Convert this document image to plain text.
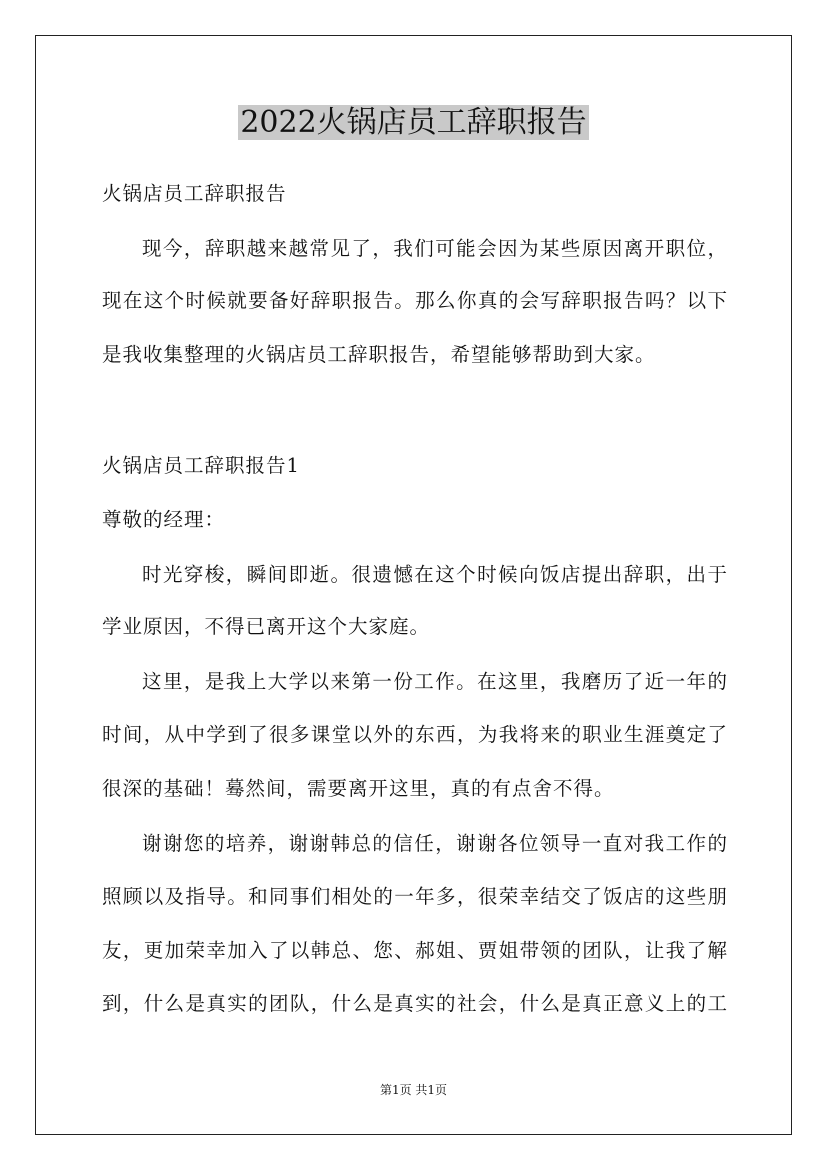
2022火锅店员工辞职报告
火锅店员工辞职报告
现今，辞职越来越常见了，我们可能会因为某些原因离开职位，
现在这个时候就要备好辞职报告。那么你真的会写辞职报告吗？以下
是我收集整理的火锅店员工辞职报告，希望能够帮助到大家。
火锅店员工辞职报告1
尊敬的经理：
时光穿梭，瞬间即逝。很遗憾在这个时候向饭店提出辞职，出于
学业原因，不得已离开这个大家庭。
这里，是我上大学以来第一份工作。在这里，我磨历了近一年的
时间，从中学到了很多课堂以外的东西，为我将来的职业生涯奠定了
很深的基础！蓦然间，需要离开这里，真的有点舍不得。
谢谢您的培养，谢谢韩总的信任，谢谢各位领导一直对我工作的
照顾以及指导。和同事们相处的一年多，很荣幸结交了饭店的这些朋
友，更加荣幸加入了以韩总、您、郝姐、贾姐带领的团队，让我了解
到，什么是真实的团队，什么是真实的社会，什么是真正意义上的工
第1页 共1页
